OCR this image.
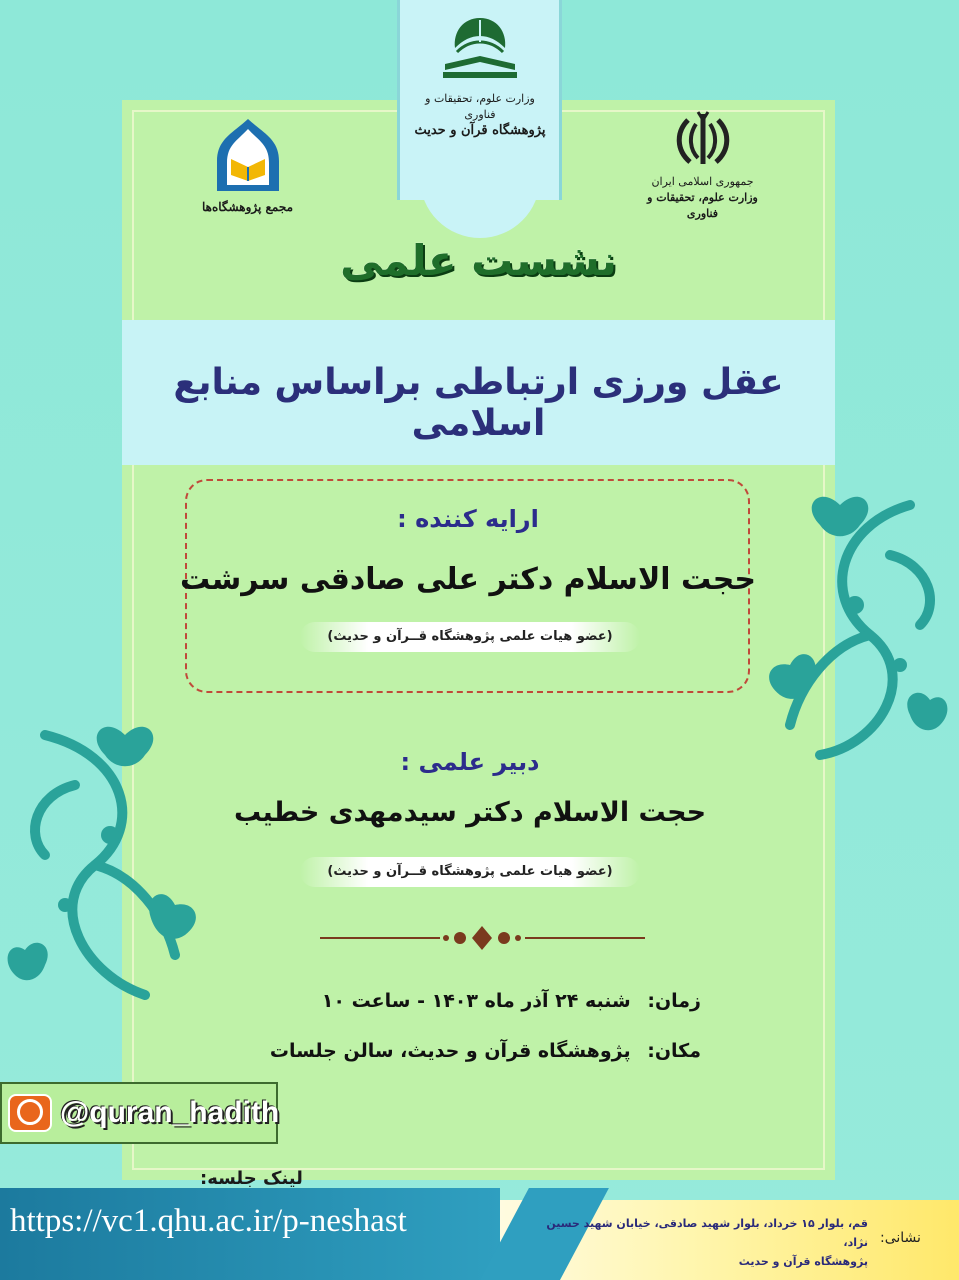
وزارت علوم، تحقیقات و فناوری
پژوهشگاه قرآن و حدیث
جمهوری اسلامی ایران
وزارت علوم، تحقیقات و فناوری
مجمع پژوهشگاه‌ها
نشست علمی
عقل ورزی ارتباطی براساس منابع اسلامی
ارایه کننده :
حجت الاسلام دکتر علی صادقی سرشت
(عضو هیات علمی پژوهشگاه قــرآن و حدیث)
دبیر علمی :
حجت الاسلام دکتر سیدمهدی خطیب
(عضو هیات علمی پژوهشگاه قــرآن و حدیث)
زمان: شنبه ۲۴ آذر ماه ۱۴۰۳ - ساعت ۱۰
مکان: پژوهشگاه قرآن و حدیث، سالن جلسات
@quran_hadith
لینک جلسه:
https://vc1.qhu.ac.ir/p-neshast	نشانی:
قم، بلوار ۱۵ خرداد، بلوار شهید صادقی، خیابان شهید حسین نژاد،
پژوهشگاه قرآن و حدیث
